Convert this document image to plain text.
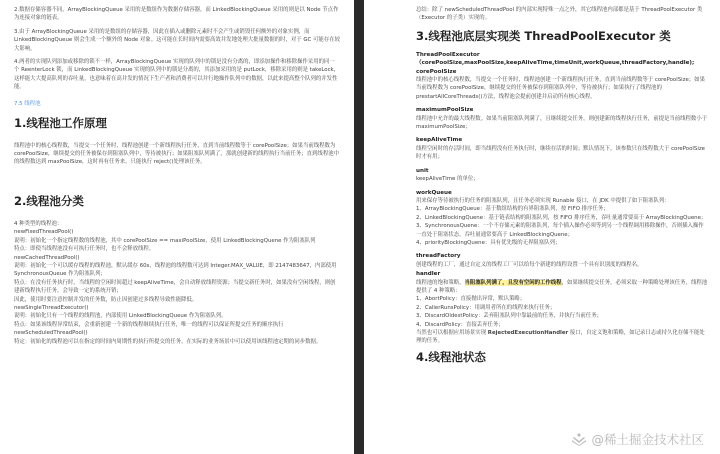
2.数据存储容器不同，ArrayBlockingQueue 采用的是数组作为数据存储容器，而 LinkedBlockingQueue 采用的则是以 Node 节点作为连接对象的链表。

3.由于 ArrayBlockingQueue 采用的是数组的存储容器，因此在插入或删除元素时不会产生或销毁任何额外的对象实例，而 LinkedBlockingQueue 则会生成一个额外的 Node 对象。这可能在长时间内需要高效并发地处理大批量数据的时，对于 GC 可能存在较大影响。

4.两者的实现队列添加或移除的锁不一样，ArrayBlockingQueue 实现的队列中的锁是没有分离的，即添加操作和移除操作采用的同一个 ReenterLock 锁，而 LinkedBlockingQueue 实现的队列中的锁是分离的，其添加采用的是 putLock，移除采用的则是 takeLock，这样能大大提高队列的吞吐量，也意味着在高并发的情况下生产者和消费者可以并行地操作队列中的数据，以此来提高整个队列的并发性能。

7.5 线程池
1.线程池工作原理

线程池中的核心线程数，当提交一个任务时，线程池创建一个新线程执行任务，直到当前线程数等于 corePoolSize；如果当前线程数为 corePoolSize，继续提交的任务被保存到阻塞队列中，等待被执行；如果阻塞队列满了，那就创建新的线程执行当前任务；直到线程池中的线程数达到 maxPoolSize，这时再有任务来，只能执行 reject()处理该任务。

2.线程池分类

4 种类型的线程池：

newFixedThreadPool()

说明：初始化一个指定线程数的线程池，其中 corePoolSize == maxiPoolSize，使用 LinkedBlockingQuene 作为阻塞队列

特点：即使当线程池没有可执行任务时，也不会释放线程。

newCachedThreadPool()

说明：初始化一个可以缓存线程的线程池，默认缓存 60s，线程池的线程数可达到 Integer.MAX_VALUE，即 2147483647，内部使用 SynchronousQueue 作为阻塞队列；

特点：在没有任务执行时，当线程的空闲时间超过 keepAliveTime，会自动释放线程资源；当提交新任务时，如果没有空闲线程，则创建新线程执行任务，会导致一定的系统开销；

因此，使用时要注意控制并发的任务数，防止因创建过多线程导致性能降低。

newSingleThreadExecutor()

说明：初始化只有一个线程的线程池，内部使用 LinkedBlockingQueue 作为阻塞队列。

特点：如果该线程异常结束，会重新创建一个新的线程继续执行任务，唯一的线程可以保证所提交任务的顺序执行

newScheduledThreadPool()

特定：初始化的线程池可以在指定的时间内周期性的执行所提交的任务，在实际的业务场景中可以使用该线程池定期的同步数据。

总结：除了 newScheduledThreadPool 的内部实现特殊一点之外，其它线程池内部都是基于 ThreadPoolExecutor 类（Executor 的子类）实现的。

3.线程池底层实现类 ThreadPoolExecutor 类

ThreadPoolExecutor（corePoolSize,maxPoolSize,keepAliveTime,timeUnit,workQueue,threadFactory,handle);

corePoolSize

线程池中的核心线程数，当提交一个任务时，线程池创建一个新线程执行任务，直到当前线程数等于 corePoolSize；如果当前线程数为 corePoolSize，继续提交的任务被保存到阻塞队列中，等待被执行；如果执行了线程池的 prestartAllCoreThreads()方法，线程池会提前创建并启动所有核心线程。

maximumPoolSize

线程池中允许的最大线程数。如果当前阻塞队列满了，且继续提交任务，则创建新的线程执行任务，前提是当前线程数小于 maximumPoolSize；

keepAliveTime

线程空闲时的存活时间，即当线程没有任务执行时，继续存活的时间；默认情况下，该参数只在线程数大于 corePoolSize 时才有用；

unit

keepAliveTime 的单位；

workQueue

用来保存等待被执行的任务的阻塞队列，且任务必须实现 Runable 接口，在 JDK 中提供了如下阻塞队列：

1、ArrayBlockingQueue：基于数组结构的有界阻塞队列，按 FIFO 排序任务；

2、LinkedBlockingQuene：基于链表结构的阻塞队列，按 FIFO 排序任务，吞吐量通常要高于 ArrayBlockingQuene；

3、SynchronousQuene：一个不存储元素的阻塞队列，每个插入操作必须等到另一个线程调用移除操作，否则插入操作一直处于阻塞状态，吞吐量通常要高于 LinkedBlockingQuene；

4、priorityBlockingQuene：具有优先级的无界阻塞队列；

threadFactory

创建线程的工厂，通过自定义的线程工厂可以给每个新建的线程设置一个具有识别度的线程名。

handler

线程池的饱和策略，当阻塞队列满了，且没有空闲的工作线程，如果继续提交任务，必须采取一种策略处理该任务，线程池提供了 4 种策略：

1、AbortPolicy：直接抛出异常，默认策略；

2、CallerRunsPolicy：用调用者所在的线程来执行任务；

3、DiscardOldestPolicy：丢弃阻塞队列中靠最前的任务，并执行当前任务；

4、DiscardPolicy：直接丢弃任务；

当然也可以根据应用场景实现 RejectedExecutionHandler 接口，自定义饱和策略，如记录日志或持久化存储不能处理的任务。

4.线程池状态
@稀土掘金技术社区
